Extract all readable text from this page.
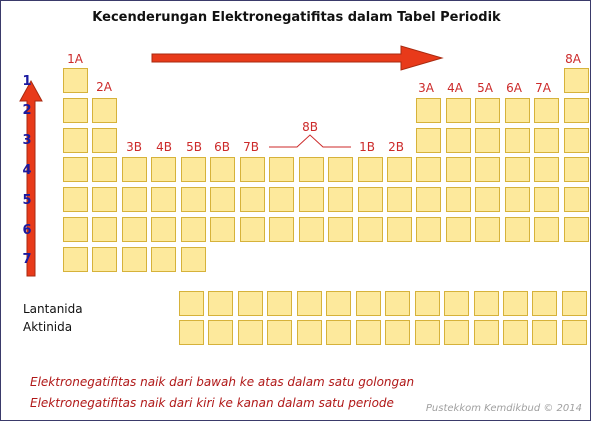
Kecenderungan Elektronegatifitas dalam Tabel Periodik
1A
2A
3B	4B	5B	6B	7B
8B
1B	2B
3A	4A	5A	6A	7A
8A
1
2
3
4
5
6
7
Lantanida
Aktinida
Elektronegatifitas naik dari bawah ke atas dalam satu golongan
Elektronegatifitas naik dari kiri ke kanan dalam satu periode	Pustekkom Kemdikbud © 2014
